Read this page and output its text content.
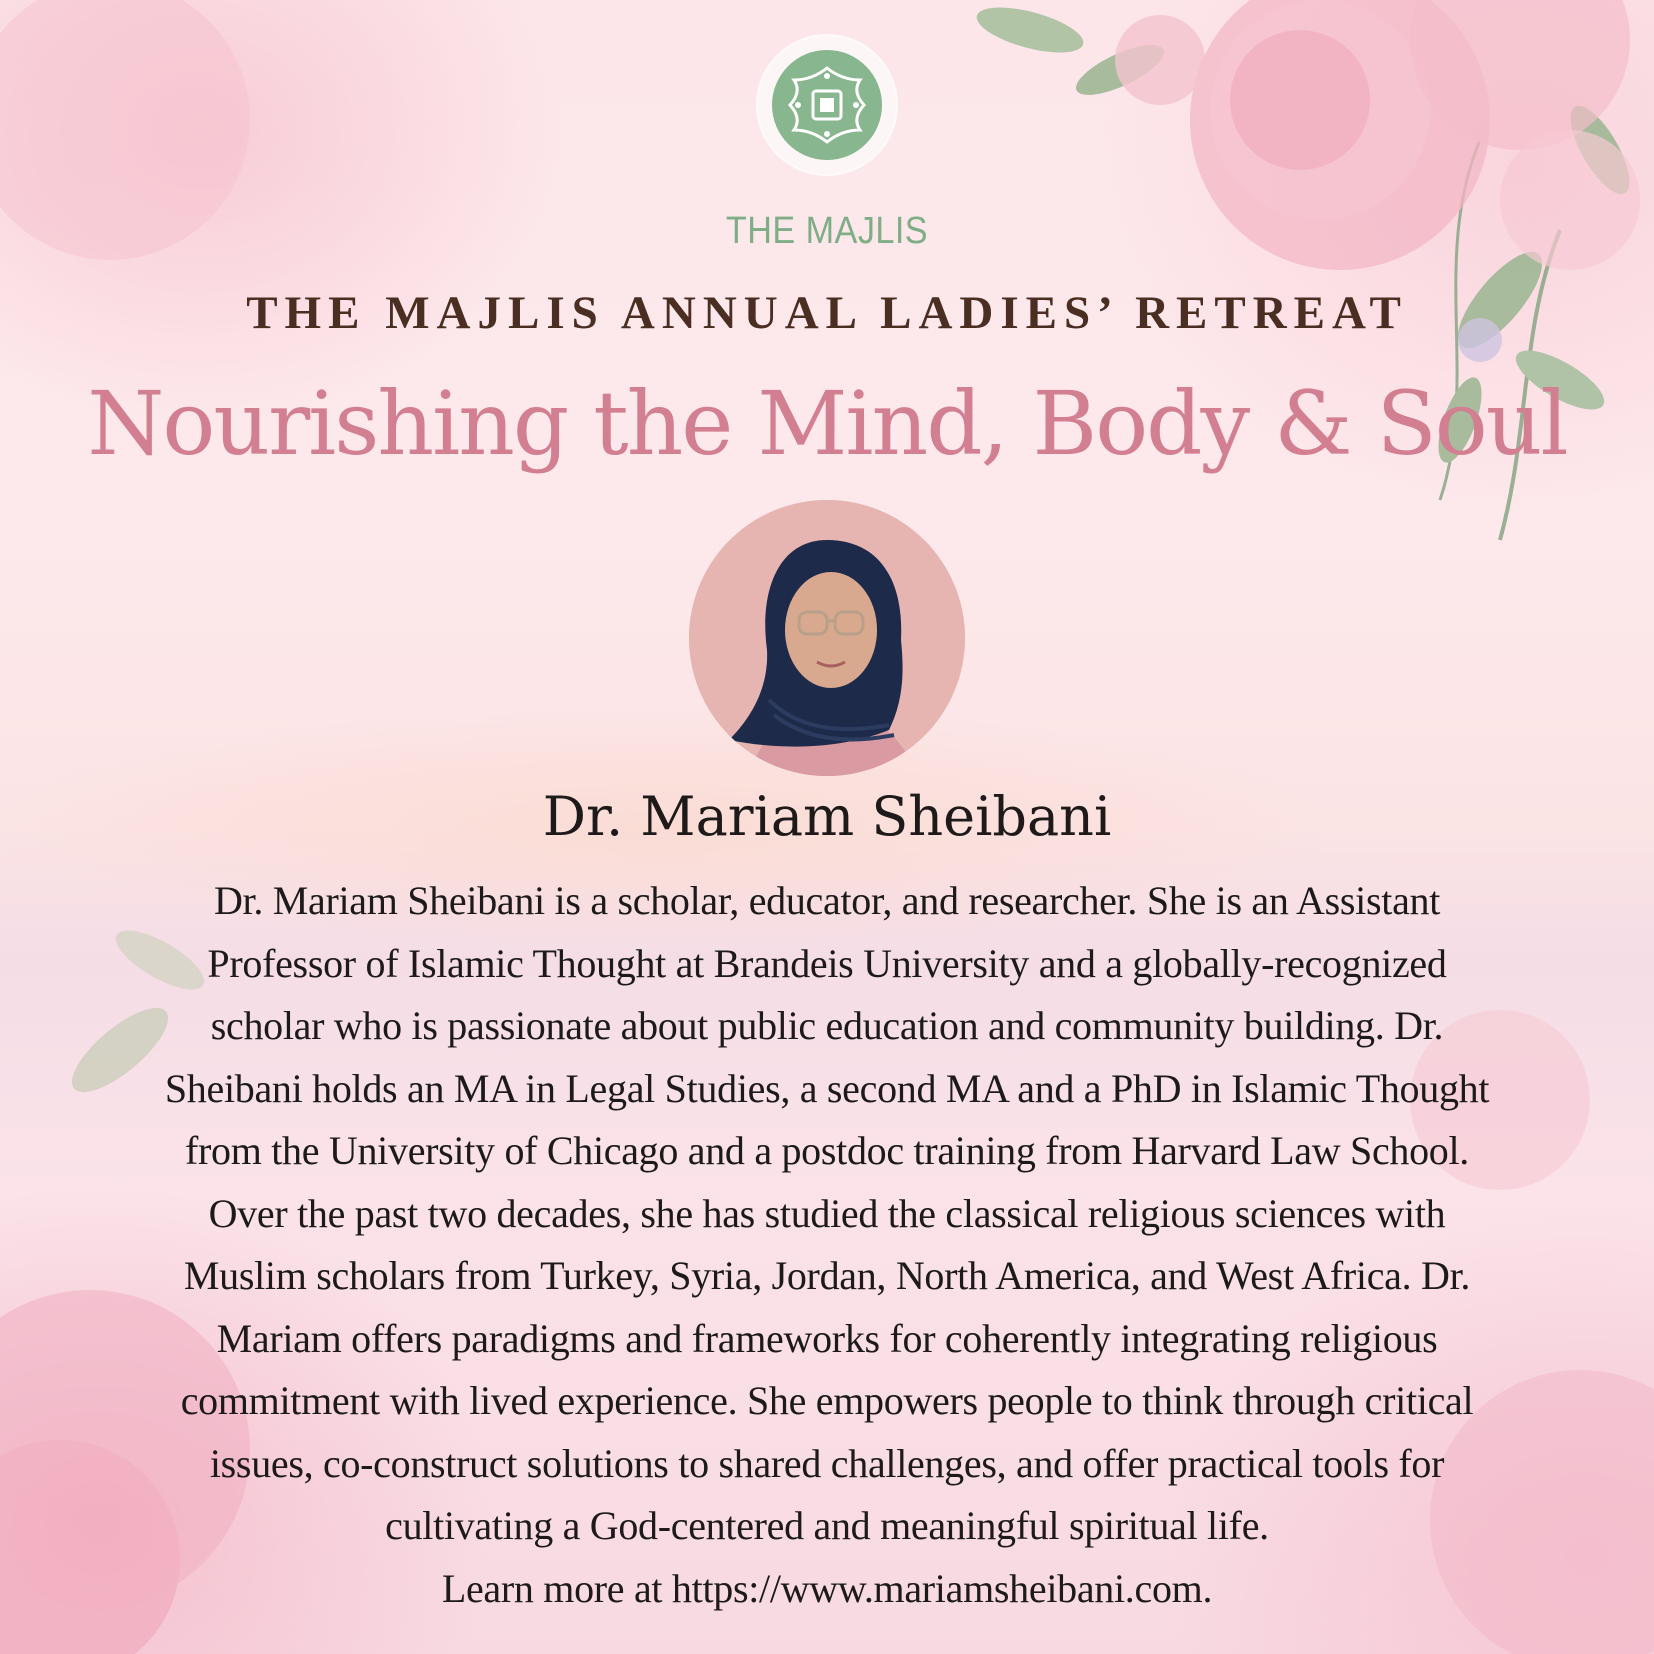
THE MAJLIS
THE MAJLIS ANNUAL LADIES’ RETREAT
Nourishing the Mind, Body & Soul
Dr. Mariam Sheibani
Dr. Mariam Sheibani is a scholar, educator, and researcher. She is an Assistant
Professor of Islamic Thought at Brandeis University and a globally-recognized
scholar who is passionate about public education and community building. Dr.
Sheibani holds an MA in Legal Studies, a second MA and a PhD in Islamic Thought
from the University of Chicago and a postdoc training from Harvard Law School.
Over the past two decades, she has studied the classical religious sciences with
Muslim scholars from Turkey, Syria, Jordan, North America, and West Africa. Dr.
Mariam offers paradigms and frameworks for coherently integrating religious
commitment with lived experience. She empowers people to think through critical
issues, co-construct solutions to shared challenges, and offer practical tools for
cultivating a God-centered and meaningful spiritual life.
Learn more at https://www.mariamsheibani.com.
